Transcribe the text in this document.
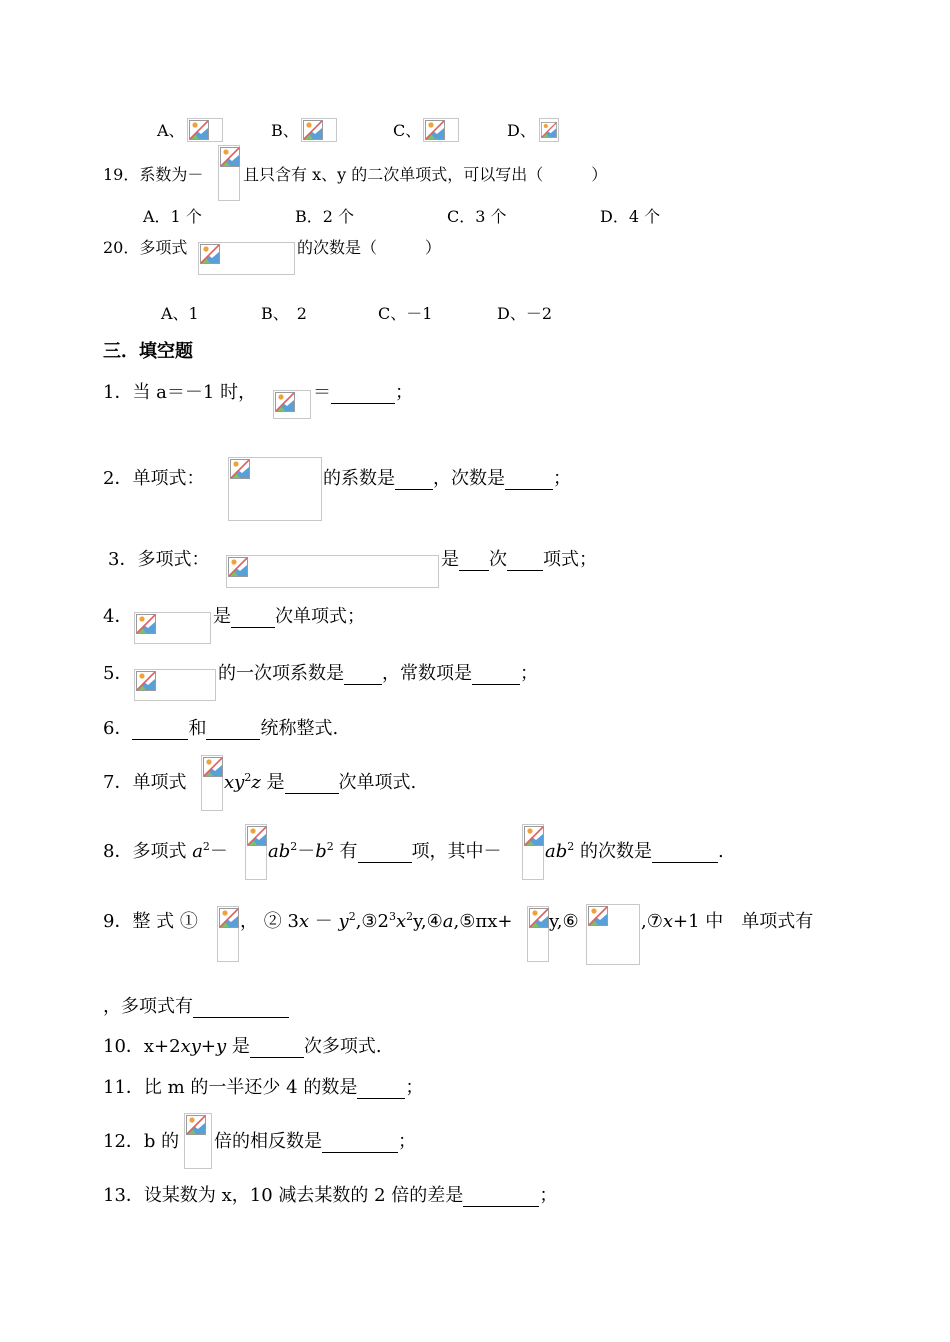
A、	B、	C、	D、
19．系数为－ 且只含有 x、y 的二次单项式，可以写出（　　　）
A．1 个	B．2 个	C．3 个	D．4 个
20．多项式	的次数是（　　　）
A、1	B、　2	C、－1	D、－2
三．填空题
1．当 a＝－1 时，	＝	；
2．单项式：	的系数是 ，次数是	；
3．多项式：	是 次 项式；
4．	是 次单项式；
5．	的一次项系数是 ，常数项是	；
6．	和	统称整式.
7．单项式 $xy^2z$ 是	次单项式.
8．多项式 $a^2- ab^2-b^2$ 有	项，其中－ $ab^2$ 的次数是	.
9．整 式 ① ， ② $3x - y^2,③2^3x^2y,④a,⑤\pi x+$ y,⑥	,⑦x+1 中　单项式有
，多项式有
10．x+2xy+y 是	次多项式.
11．比 m 的一半还少 4 的数是	；
12．b 的 倍的相反数是	；
13．设某数为 x，10 减去某数的 2 倍的差是	；
